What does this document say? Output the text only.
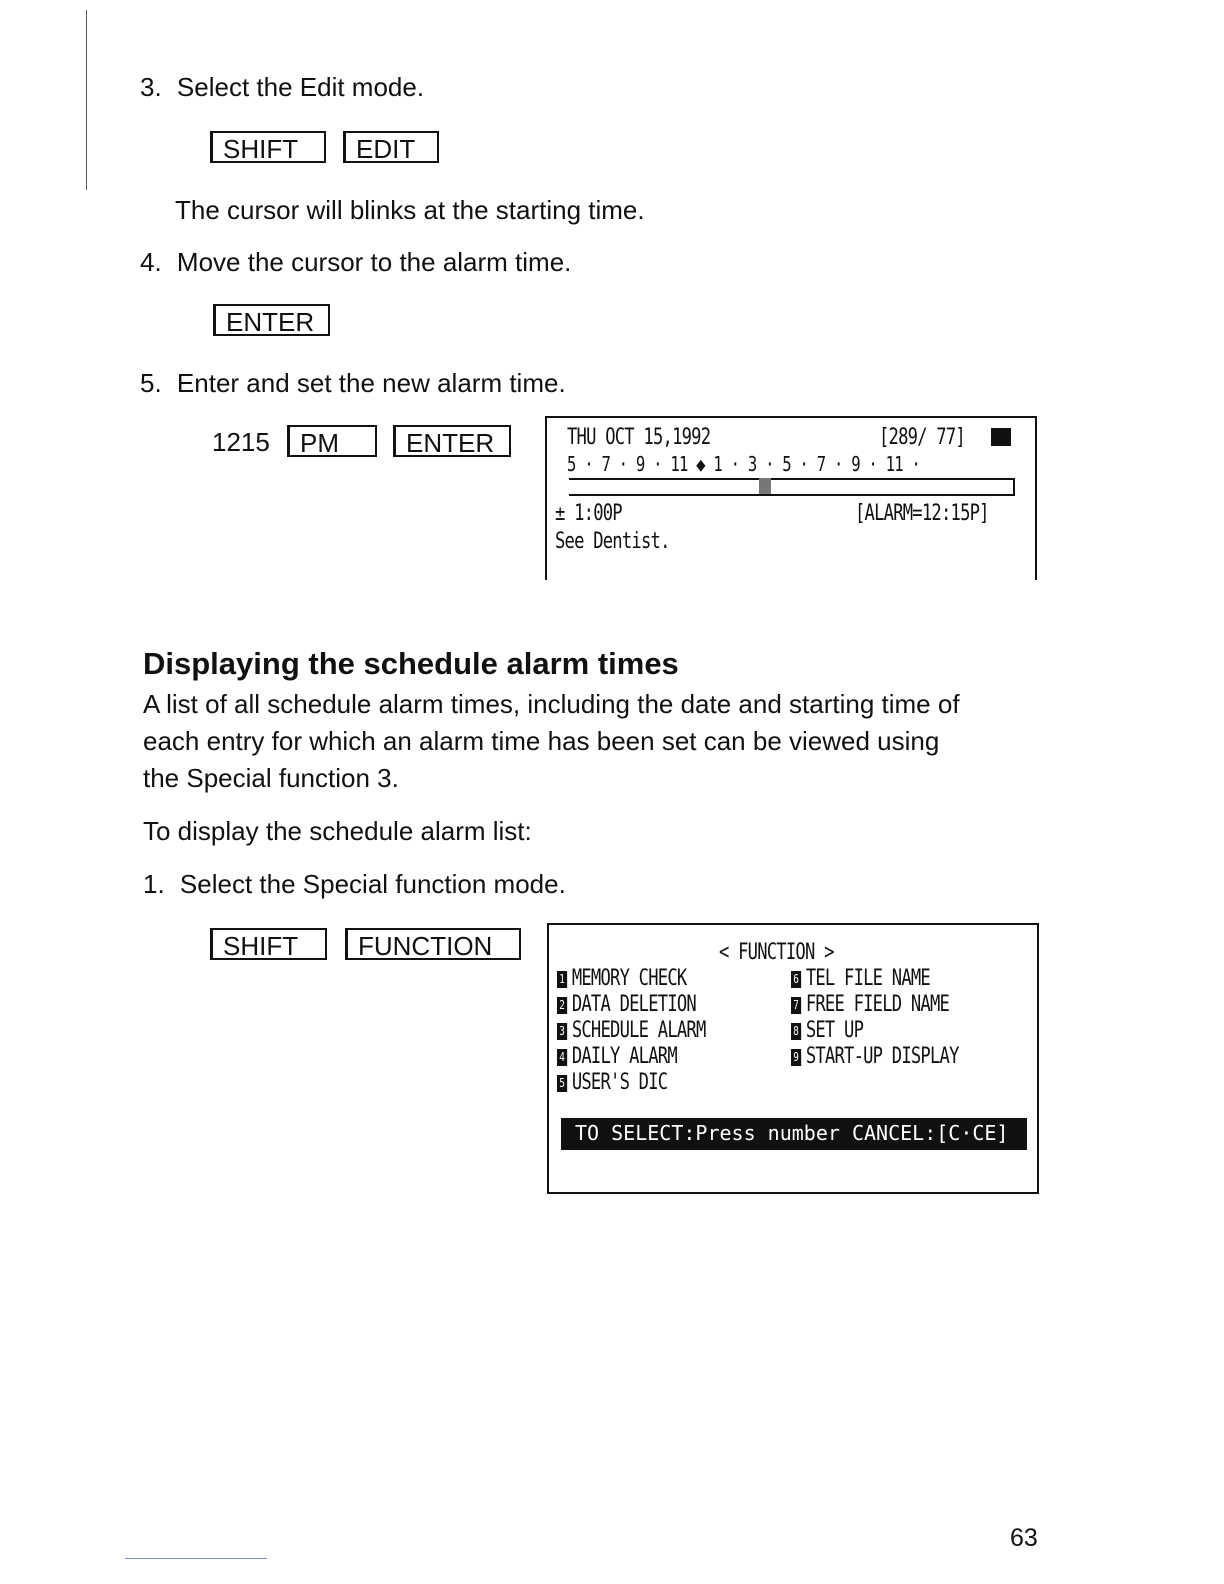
3. Select the Edit mode.
SHIFT	EDIT
The cursor will blinks at the starting time.
4. Move the cursor to the alarm time.
ENTER
5. Enter and set the new alarm time.
1215	PM	ENTER	THU OCT 15,1992	[289/ 77]
5 · 7 · 9 · 11 ◆ 1 · 3 · 5 · 7 · 9 · 11 ·
± 1:00P	[ALARM=12:15P]
See Dentist.
Displaying the schedule alarm times
A list of all schedule alarm times, including the date and starting time of
each entry for which an alarm time has been set can be viewed using
the Special function 3.
To display the schedule alarm list:
1. Select the Special function mode.
SHIFT	FUNCTION	< FUNCTION >
1 MEMORY CHECK
2 DATA DELETION
3 SCHEDULE ALARM
4 DAILY ALARM
5 USER'S DIC
6 TEL FILE NAME
7 FREE FIELD NAME
8 SET UP
9 START-UP DISPLAY
TO SELECT:Press number CANCEL:[C·CE]
63
